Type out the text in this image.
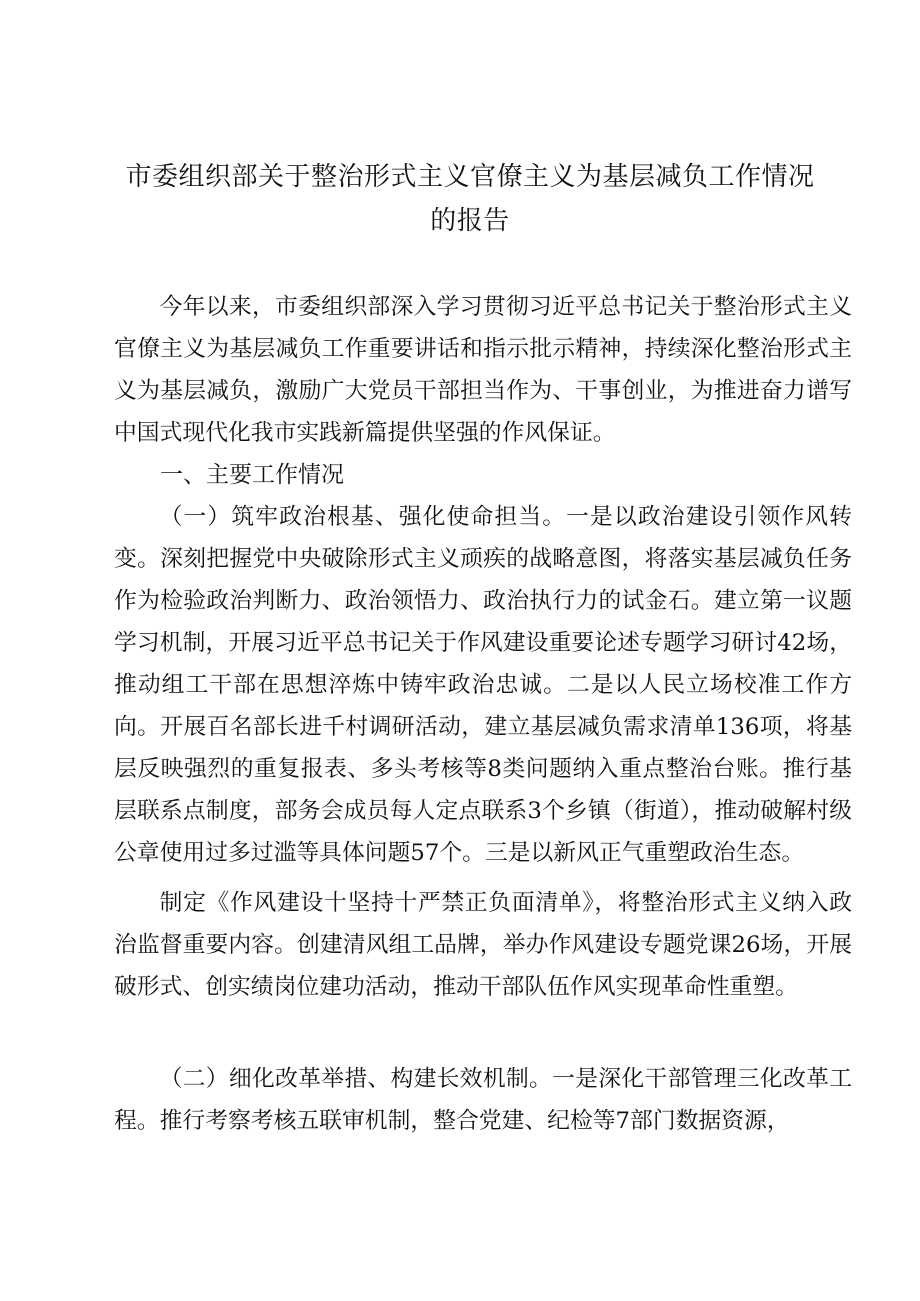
市委组织部关于整治形式主义官僚主义为基层减负工作情况的报告

今年以来，市委组织部深入学习贯彻习近平总书记关于整治形式主义官僚主义为基层减负工作重要讲话和指示批示精神，持续深化整治形式主义为基层减负，激励广大党员干部担当作为、干事创业，为推进奋力谱写中国式现代化我市实践新篇提供坚强的作风保证。

一、主要工作情况

（一）筑牢政治根基、强化使命担当。一是以政治建设引领作风转变。深刻把握党中央破除形式主义顽疾的战略意图，将落实基层减负任务作为检验政治判断力、政治领悟力、政治执行力的试金石。建立第一议题学习机制，开展习近平总书记关于作风建设重要论述专题学习研讨42场，推动组工干部在思想淬炼中铸牢政治忠诚。二是以人民立场校准工作方向。开展百名部长进千村调研活动，建立基层减负需求清单136项，将基层反映强烈的重复报表、多头考核等8类问题纳入重点整治台账。推行基层联系点制度，部务会成员每人定点联系3个乡镇（街道），推动破解村级公章使用过多过滥等具体问题57个。三是以新风正气重塑政治生态。

制定《作风建设十坚持十严禁正负面清单》，将整治形式主义纳入政治监督重要内容。创建清风组工品牌，举办作风建设专题党课26场，开展破形式、创实绩岗位建功活动，推动干部队伍作风实现革命性重塑。

（二）细化改革举措、构建长效机制。一是深化干部管理三化改革工程。推行考察考核五联审机制，整合党建、纪检等7部门数据资源，
